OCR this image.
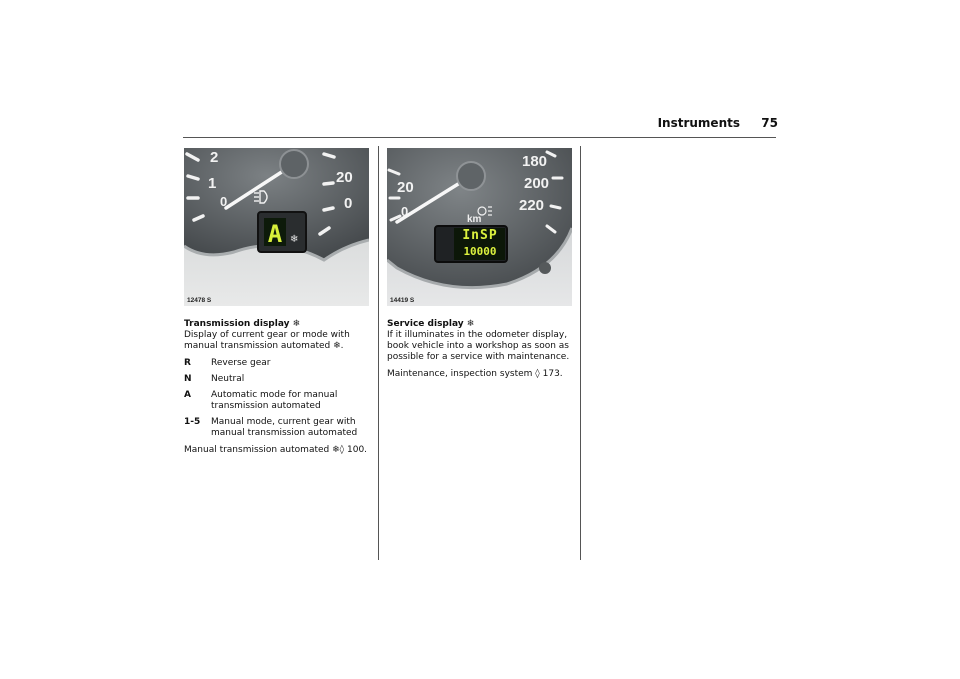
Instruments 75
2
1
0
20
0
A ❄
12478 S
20
0
180
200
220
km
InSP
10000
14419 S

Transmission display ❄
Display of current gear or mode with manual transmission automated ❄.

R	Reverse gear
N	Neutral
A	Automatic mode for manual transmission automated
1-5	Manual mode, current gear with manual transmission automated

Manual transmission automated ❄◊ 100.

Service display ❄
If it illuminates in the odometer display, book vehicle into a workshop as soon as possible for a service with maintenance.

Maintenance, inspection system ◊ 173.
